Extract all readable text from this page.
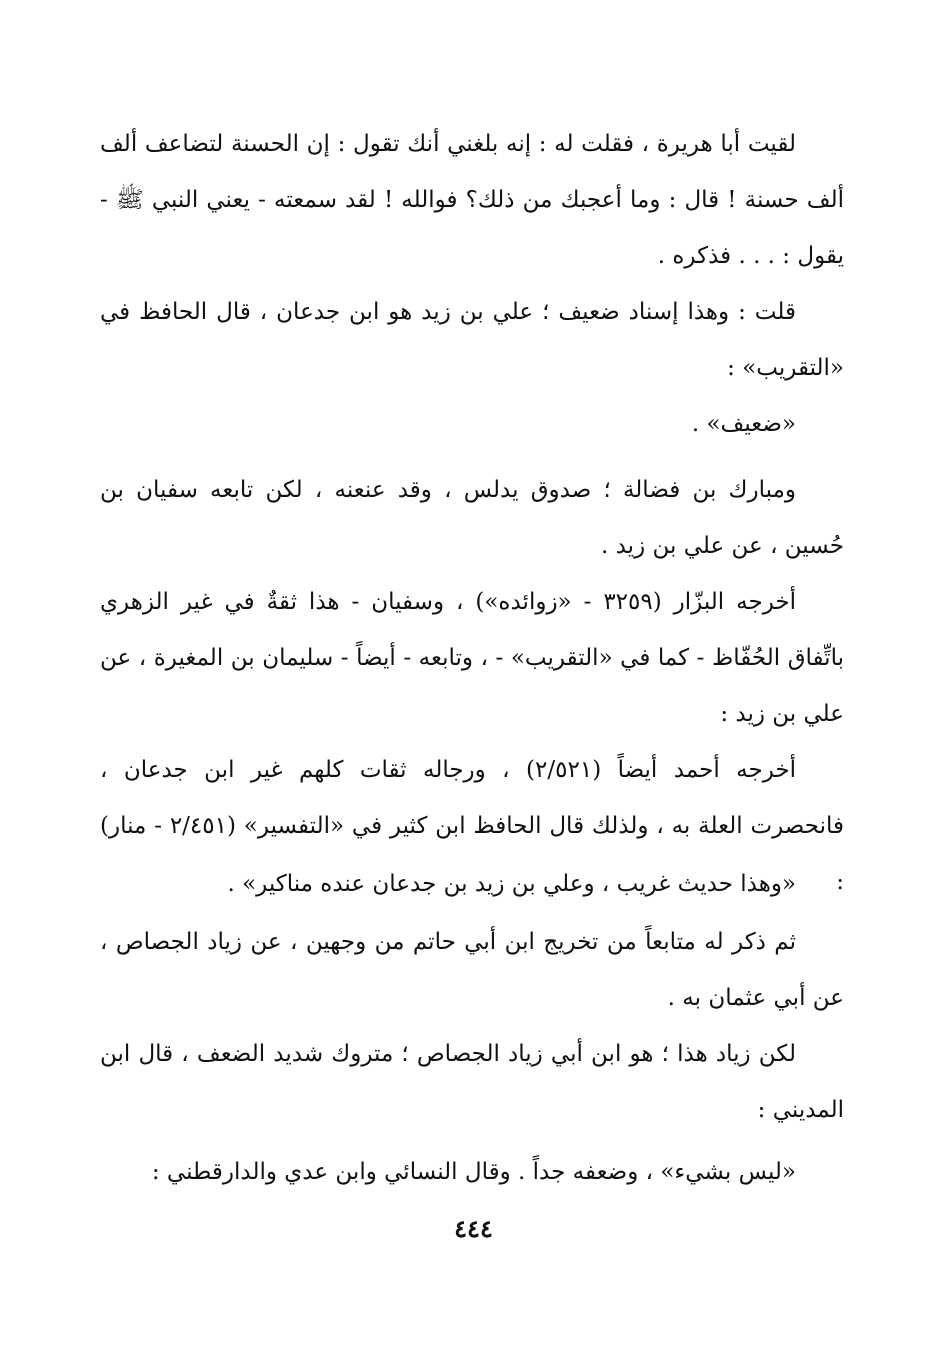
لقيت أبا هريرة ، فقلت له : إنه بلغني أنك تقول : إن الحسنة لتضاعف ألف ألف حسنة ! قال : وما أعجبك من ذلك؟ فوالله ! لقد سمعته - يعني النبي ﷺ - يقول : . . . فذكره .

قلت : وهذا إسناد ضعيف ؛ علي بن زيد هو ابن جدعان ، قال الحافظ في «التقريب» :

«ضعيف» .

ومبارك بن فضالة ؛ صدوق يدلس ، وقد عنعنه ، لكن تابعه سفيان بن حُسين ، عن علي بن زيد .

أخرجه البزّار (٣٢٥٩ - «زوائده») ، وسفيان - هذا ثقةٌ في غير الزهري باتِّفاق الحُفّاظ - كما في «التقريب» - ، وتابعه - أيضاً - سليمان بن المغيرة ، عن علي بن زيد :

أخرجه أحمد أيضاً (٢/٥٢١) ، ورجاله ثقات كلهم غير ابن جدعان ، فانحصرت العلة به ، ولذلك قال الحافظ ابن كثير في «التفسير» (٢/٤٥١ - منار) :

«وهذا حديث غريب ، وعلي بن زيد بن جدعان عنده مناكير» .

ثم ذكر له متابعاً من تخريج ابن أبي حاتم من وجهين ، عن زياد الجصاص ، عن أبي عثمان به .

لكن زياد هذا ؛ هو ابن أبي زياد الجصاص ؛ متروك شديد الضعف ، قال ابن المديني :

«ليس بشيء» ، وضعفه جداً . وقال النسائي وابن عدي والدارقطني :

٤٤٤
